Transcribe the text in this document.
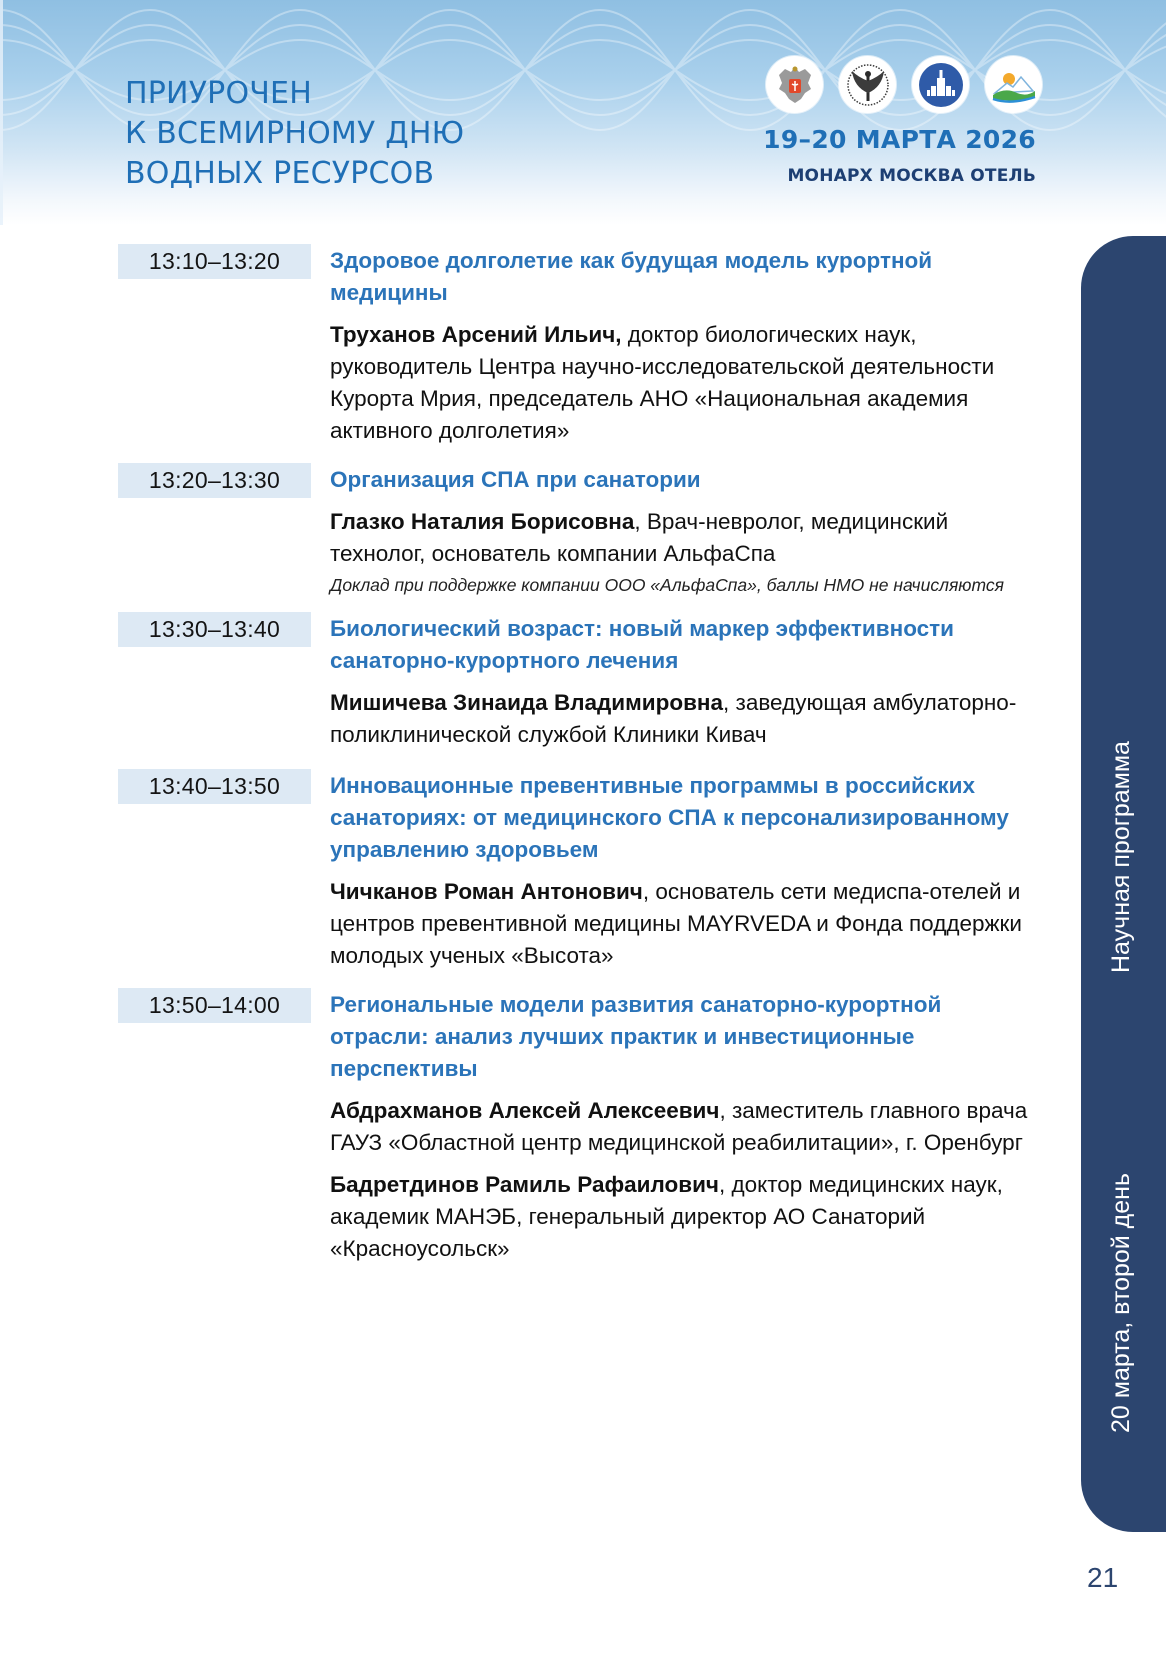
ПРИУРОЧЕН
К ВСЕМИРНОМУ ДНЮ
ВОДНЫХ РЕСУРСОВ
19–20 МАРТА 2026
МОНАРХ МОСКВА ОТЕЛЬ
13:10–13:20	Здоровое долголетие как будущая модель курортной медицины
Труханов Арсений Ильич, доктор биологических наук, руководитель Центра научно-исследовательской деятельности Курорта Мрия, председатель АНО «Национальная академия активного долголетия»
13:20–13:30	Организация СПА при санатории
Глазко Наталия Борисовна, Врач-невролог, медицинский технолог, основатель компании АльфаСпа
Доклад при поддержке компании ООО «АльфаСпа», баллы НМО не начисляются
13:30–13:40	Биологический возраст: новый маркер эффективности санаторно-курортного лечения
Мишичева Зинаида Владимировна, заведующая амбулаторно-поликлинической службой Клиники Кивач
13:40–13:50	Инновационные превентивные программы в российских санаториях: от медицинского СПА к персонализированному управлению здоровьем
Чичканов Роман Антонович, основатель сети медиспа-отелей и центров превентивной медицины MAYRVEDA и Фонда поддержки молодых ученых «Высота»
13:50–14:00	Региональные модели развития санаторно-курортной отрасли: анализ лучших практик и инвестиционные перспективы
Абдрахманов Алексей Алексеевич, заместитель главного врача ГАУЗ «Областной центр медицинской реабилитации», г. Оренбург
Бадретдинов Рамиль Рафаилович, доктор медицинских наук, академик МАНЭБ, генеральный директор АО Санаторий «Красноусольск»
Научная программа
20 марта, второй день
21
